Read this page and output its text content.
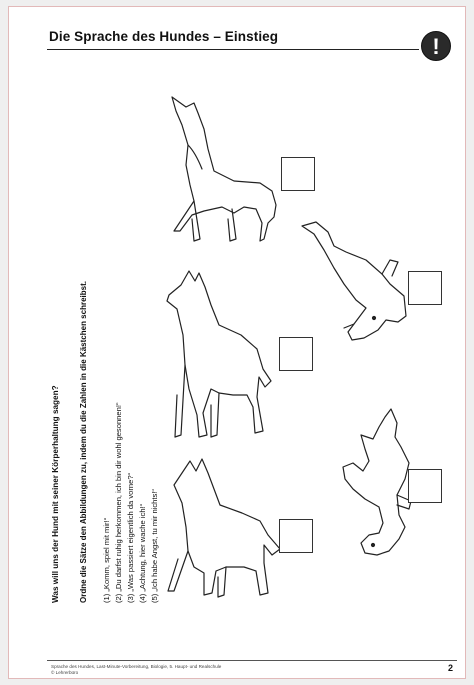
Die Sprache des Hundes – Einstieg	!
Was will uns der Hund mit seiner Körperhaltung sagen? Ordne die Sätze den Abbildungen zu, indem du die Zahlen in die Kästchen schreibst. (1) „Komm, spiel mit mir!“ (2) „Du darfst ruhig herkommen, ich bin dir wohl gesonnen!“ (3) „Was passiert eigentlich da vorne?“ (4) „Achtung, hier wache ich!“ (5) „Ich habe Angst, tu mir nichts!“
Sprache des Hundes, Last-Minute-Vorbereitung, Biologie, 5. Haupt- und Realschule
© Lehrerbüro	2
